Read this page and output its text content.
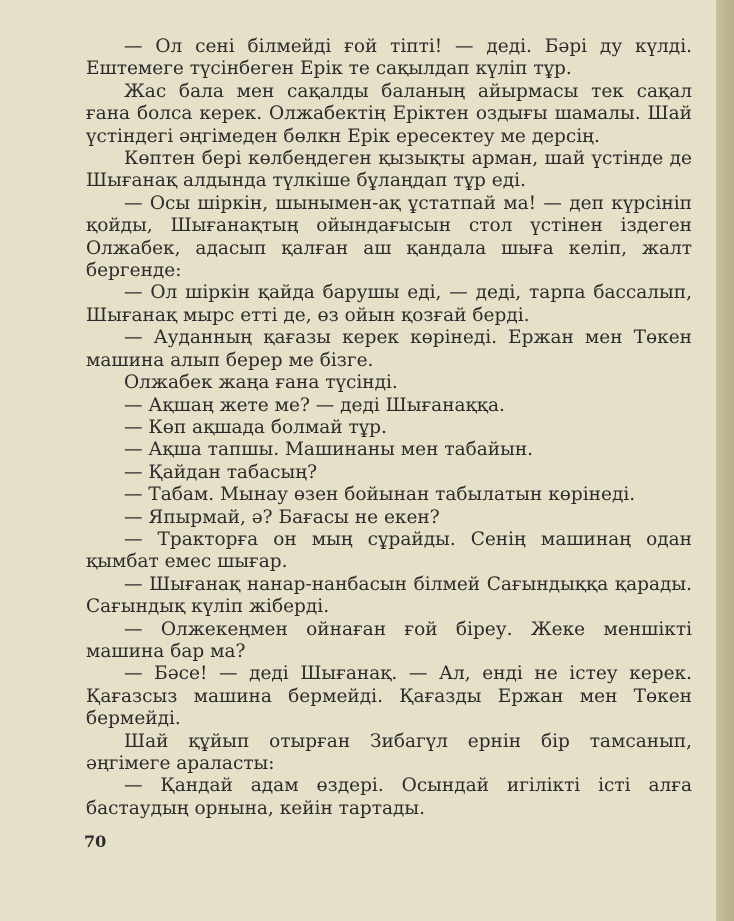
— Ол сені білмейді ғой тіпті! — деді. Бәрі ду күлді. Ештемеге түсінбеген Ерік те сақылдап күліп тұр.

Жас бала мен сақалды баланың айырмасы тек сақал ғана болса керек. Олжабектің Еріктен оздығы шамалы. Шай үстіндегі әңгімеден бөлкн Ерік ересектеу ме дерсің.

Көптен бері көлбеңдеген қызықты арман, шай үстінде де Шығанақ алдында түлкіше бұлаңдап тұр еді.

— Осы шіркін, шынымен-ақ ұстатпай ма! — деп күрсініп қойды, Шығанақтың ойындағысын стол үстінен іздеген Олжабек, адасып қалған аш қандала шыға келіп, жалт бергенде:

— Ол шіркін қайда барушы еді, — деді, тарпа бассалып, Шығанақ мырс етті де, өз ойын қозғай берді.

— Ауданның қағазы керек көрінеді. Ержан мен Төкен машина алып берер ме бізге.

Олжабек жаңа ғана түсінді.

— Ақшаң жете ме? — деді Шығанаққа.

— Көп ақшада болмай тұр.

— Ақша тапшы. Машинаны мен табайын.

— Қайдан табасың?

— Табам. Мынау өзен бойынан табылатын көрінеді.

— Япырмай, ә? Бағасы не екен?

— Тракторға он мың сұрайды. Сенің машинаң одан қымбат емес шығар.

— Шығанақ нанар-нанбасын білмей Сағындыққа қарады. Сағындық күліп жіберді.

— Олжекеңмен ойнаған ғой біреу. Жеке меншікті машина бар ма?

— Бәсе! — деді Шығанақ. — Ал, енді не істеу керек. Қағазсыз машина бермейді. Қағазды Ержан мен Төкен бермейді.

Шай құйып отырған Зибагүл ернін бір тамсанып, әңгімеге араласты:

— Қандай адам өздері. Осындай игілікті істі алға бастаудың орнына, кейін тартады.

70
